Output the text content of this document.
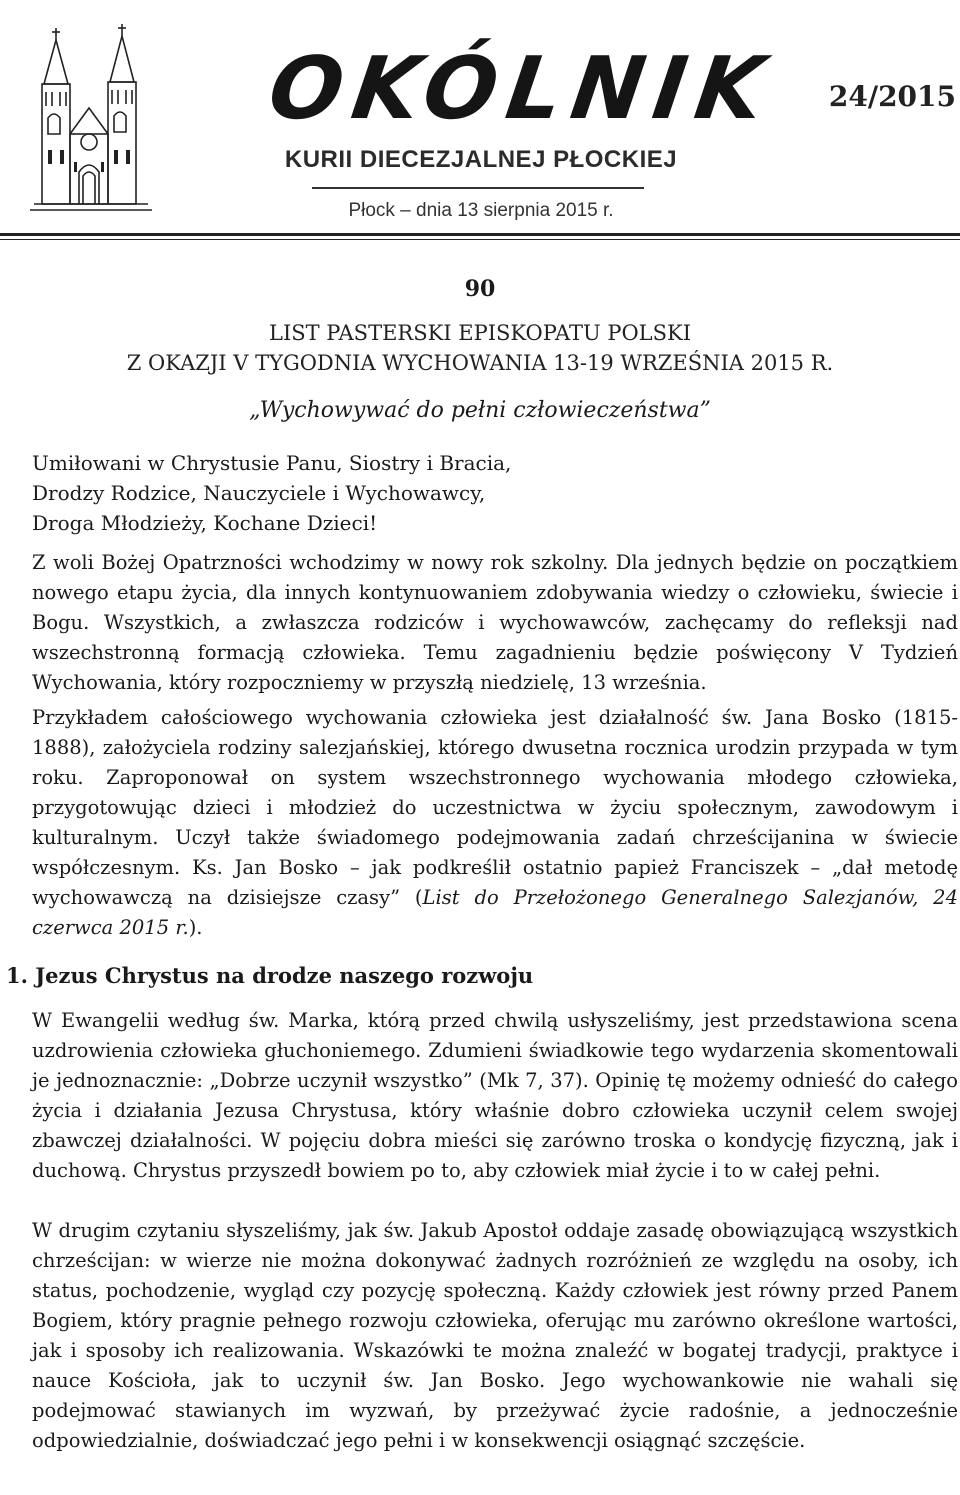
OKÓLNIK 24/2015
KURII DIECEZJALNEJ PŁOCKIEJ
Płock – dnia 13 sierpnia 2015 r.
90
LIST PASTERSKI EPISKOPATU POLSKI
Z OKAZJI V TYGODNIA WYCHOWANIA 13-19 WRZEŚNIA 2015 R.
„Wychowywać do pełni człowieczeństwa”
Umiłowani w Chrystusie Panu, Siostry i Bracia,
Drodzy Rodzice, Nauczyciele i Wychowawcy,
Droga Młodzieży, Kochane Dzieci!
Z woli Bożej Opatrzności wchodzimy w nowy rok szkolny. Dla jednych będzie on początkiem nowego etapu życia, dla innych kontynuowaniem zdobywania wiedzy o człowieku, świecie i Bogu. Wszystkich, a zwłaszcza rodziców i wychowawców, zachęcamy do refleksji nad wszechstronną formacją człowieka. Temu zagadnieniu będzie poświęcony V Tydzień Wychowania, który rozpoczniemy w przyszłą niedzielę, 13 września.
Przykładem całościowego wychowania człowieka jest działalność św. Jana Bosko (1815-1888), założyciela rodziny salezjańskiej, którego dwusetna rocznica urodzin przypada w tym roku. Zaproponował on system wszechstronnego wychowania młodego człowieka, przygotowując dzieci i młodzież do uczestnictwa w życiu społecznym, zawodowym i kulturalnym. Uczył także świadomego podejmowania zadań chrześcijanina w świecie współczesnym. Ks. Jan Bosko – jak podkreślił ostatnio papież Franciszek – „dał metodę wychowawczą na dzisiejsze czasy” (List do Przełożonego Generalnego Salezjanów, 24 czerwca 2015 r.).
1. Jezus Chrystus na drodze naszego rozwoju
W Ewangelii według św. Marka, którą przed chwilą usłyszeliśmy, jest przedstawiona scena uzdrowienia człowieka głuchoniemego. Zdumieni świadkowie tego wydarzenia skomentowali je jednoznacznie: „Dobrze uczynił wszystko” (Mk 7, 37). Opinię tę możemy odnieść do całego życia i działania Jezusa Chrystusa, który właśnie dobro człowieka uczynił celem swojej zbawczej działalności. W pojęciu dobra mieści się zarówno troska o kondycję fizyczną, jak i duchową. Chrystus przyszedł bowiem po to, aby człowiek miał życie i to w całej pełni.
W drugim czytaniu słyszeliśmy, jak św. Jakub Apostoł oddaje zasadę obowiązującą wszystkich chrześcijan: w wierze nie można dokonywać żadnych rozróżnień ze względu na osoby, ich status, pochodzenie, wygląd czy pozycję społeczną. Każdy człowiek jest równy przed Panem Bogiem, który pragnie pełnego rozwoju człowieka, oferując mu zarówno określone wartości, jak i sposoby ich realizowania. Wskazówki te można znaleźć w bogatej tradycji, praktyce i nauce Kościoła, jak to uczynił św. Jan Bosko. Jego wychowankowie nie wahali się podejmować stawianych im wyzwań, by przeżywać życie radośnie, a jednocześnie odpowiedzialnie, doświadczać jego pełni i w konsekwencji osiągnąć szczęście.
